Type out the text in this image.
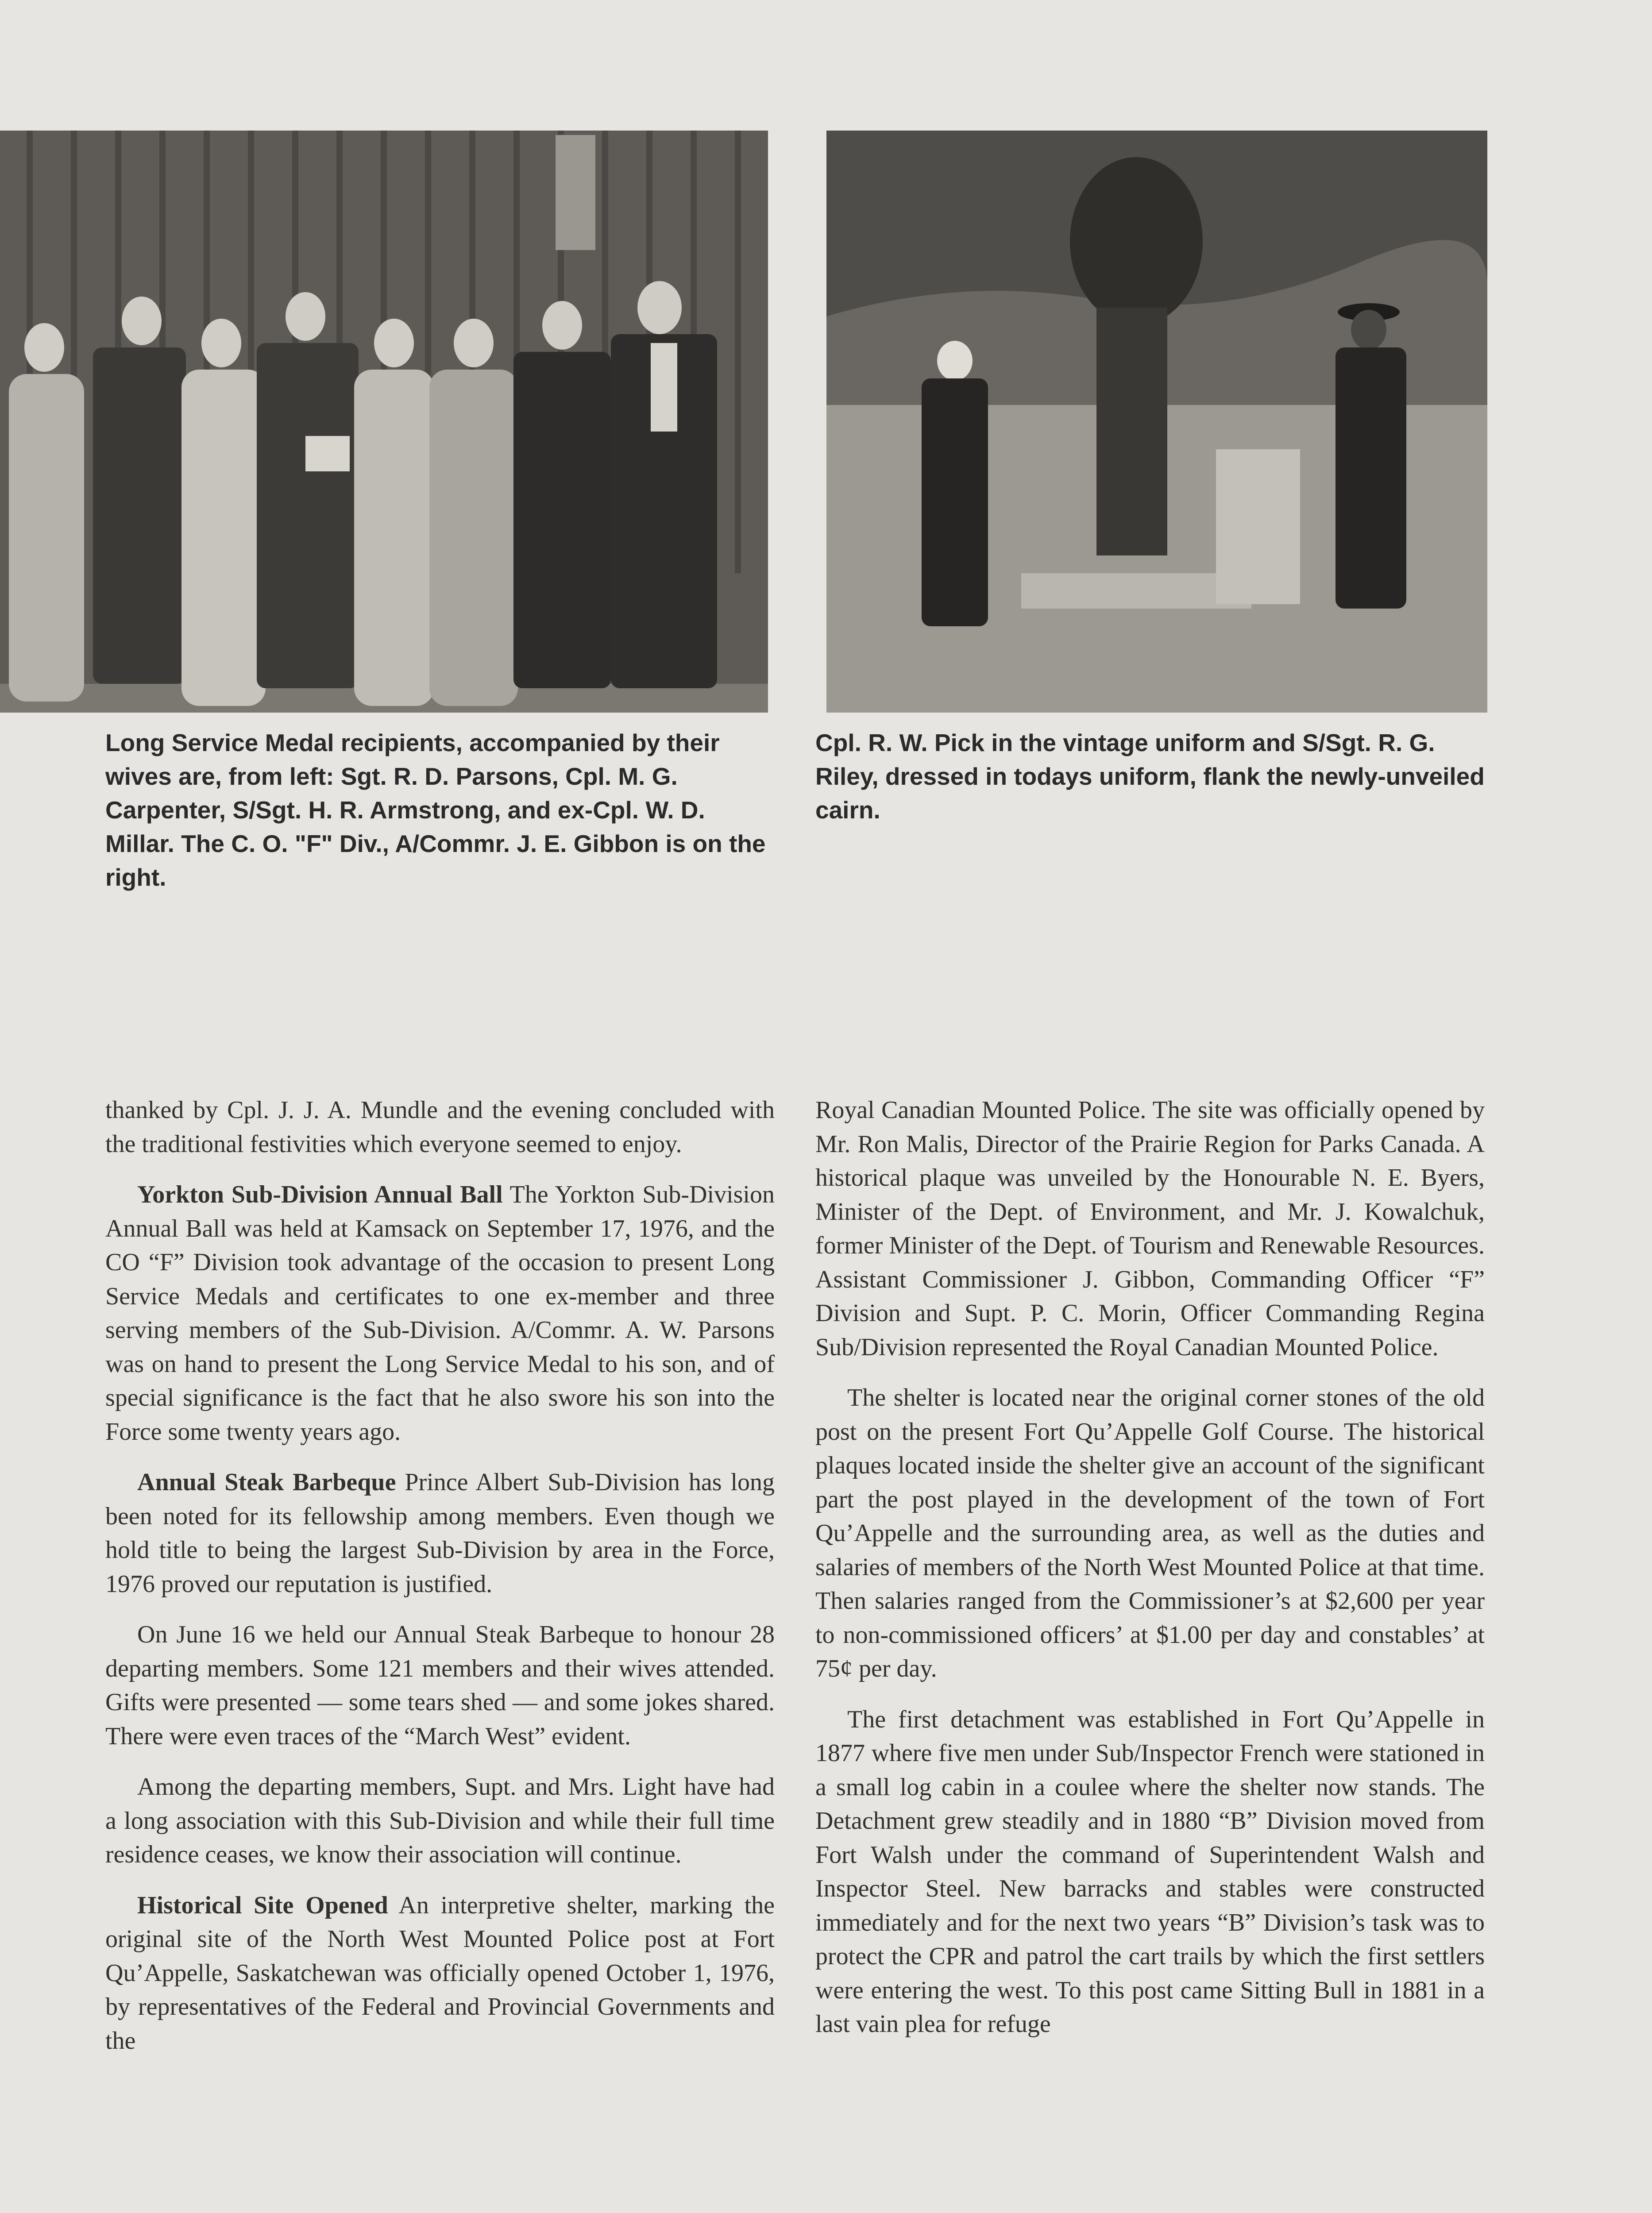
Long Service Medal recipients, accompanied by their wives are, from left: Sgt. R. D. Parsons, Cpl. M. G. Carpenter, S/Sgt. H. R. Armstrong, and ex-Cpl. W. D. Millar. The C. O. "F" Div., A/Commr. J. E. Gibbon is on the right.

Cpl. R. W. Pick in the vintage uniform and S/Sgt. R. G. Riley, dressed in todays uniform, flank the newly-unveiled cairn.

thanked by Cpl. J. J. A. Mundle and the evening concluded with the traditional festivities which everyone seemed to enjoy.

Yorkton Sub-Division Annual Ball The Yorkton Sub-Division Annual Ball was held at Kamsack on September 17, 1976, and the CO “F” Division took advantage of the occasion to present Long Service Medals and certificates to one ex-member and three serving members of the Sub-Division. A/Commr. A. W. Parsons was on hand to present the Long Service Medal to his son, and of special significance is the fact that he also swore his son into the Force some twenty years ago.

Annual Steak Barbeque Prince Albert Sub-Division has long been noted for its fellowship among members. Even though we hold title to being the largest Sub-Division by area in the Force, 1976 proved our reputation is justified.

On June 16 we held our Annual Steak Barbeque to honour 28 departing members. Some 121 members and their wives attended. Gifts were presented — some tears shed — and some jokes shared. There were even traces of the “March West” evident.

Among the departing members, Supt. and Mrs. Light have had a long association with this Sub-Division and while their full time residence ceases, we know their association will continue.

Historical Site Opened An interpretive shelter, marking the original site of the North West Mounted Police post at Fort Qu’Appelle, Saskatchewan was officially opened October 1, 1976, by representatives of the Federal and Provincial Governments and the

Royal Canadian Mounted Police. The site was officially opened by Mr. Ron Malis, Director of the Prairie Region for Parks Canada. A historical plaque was unveiled by the Honourable N. E. Byers, Minister of the Dept. of Environment, and Mr. J. Kowalchuk, former Minister of the Dept. of Tourism and Renewable Resources. Assistant Commissioner J. Gibbon, Commanding Officer “F” Division and Supt. P. C. Morin, Officer Commanding Regina Sub/Division represented the Royal Canadian Mounted Police.

The shelter is located near the original corner stones of the old post on the present Fort Qu’Appelle Golf Course. The historical plaques located inside the shelter give an account of the significant part the post played in the development of the town of Fort Qu’Appelle and the surrounding area, as well as the duties and salaries of members of the North West Mounted Police at that time. Then salaries ranged from the Commissioner’s at $2,600 per year to non-commissioned officers’ at $1.00 per day and constables’ at 75¢ per day.

The first detachment was established in Fort Qu’Appelle in 1877 where five men under Sub/Inspector French were stationed in a small log cabin in a coulee where the shelter now stands. The Detachment grew steadily and in 1880 “B” Division moved from Fort Walsh under the command of Superintendent Walsh and Inspector Steel. New barracks and stables were constructed immediately and for the next two years “B” Division’s task was to protect the CPR and patrol the cart trails by which the first settlers were entering the west. To this post came Sitting Bull in 1881 in a last vain plea for refuge
